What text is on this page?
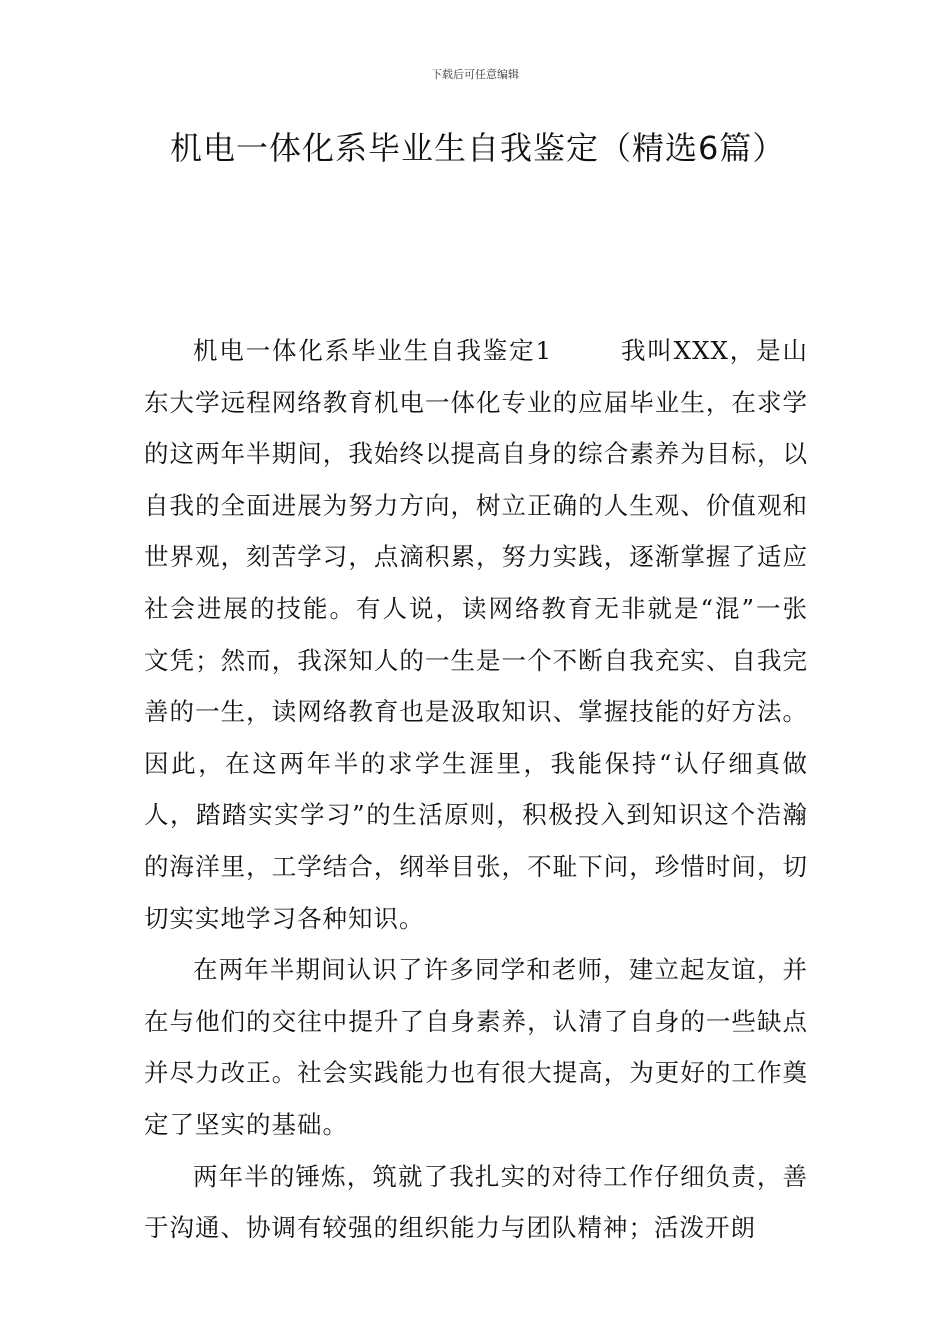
下载后可任意编辑
机电一体化系毕业生自我鉴定（精选6篇）

机电一体化系毕业生自我鉴定1	我叫XXX，是山东大学远程网络教育机电一体化专业的应届毕业生，在求学的这两年半期间，我始终以提高自身的综合素养为目标，以自我的全面进展为努力方向，树立正确的人生观、价值观和世界观，刻苦学习，点滴积累，努力实践，逐渐掌握了适应社会进展的技能。有人说，读网络教育无非就是“混”一张文凭；然而，我深知人的一生是一个不断自我充实、自我完善的一生，读网络教育也是汲取知识、掌握技能的好方法。因此，在这两年半的求学生涯里，我能保持“认仔细真做人，踏踏实实学习”的生活原则，积极投入到知识这个浩瀚的海洋里，工学结合，纲举目张，不耻下问，珍惜时间，切切实实地学习各种知识。

在两年半期间认识了许多同学和老师，建立起友谊，并在与他们的交往中提升了自身素养，认清了自身的一些缺点并尽力改正。社会实践能力也有很大提高，为更好的工作奠定了坚实的基础。

两年半的锤炼，筑就了我扎实的对待工作仔细负责，善于沟通、协调有较强的组织能力与团队精神；活泼开朗
